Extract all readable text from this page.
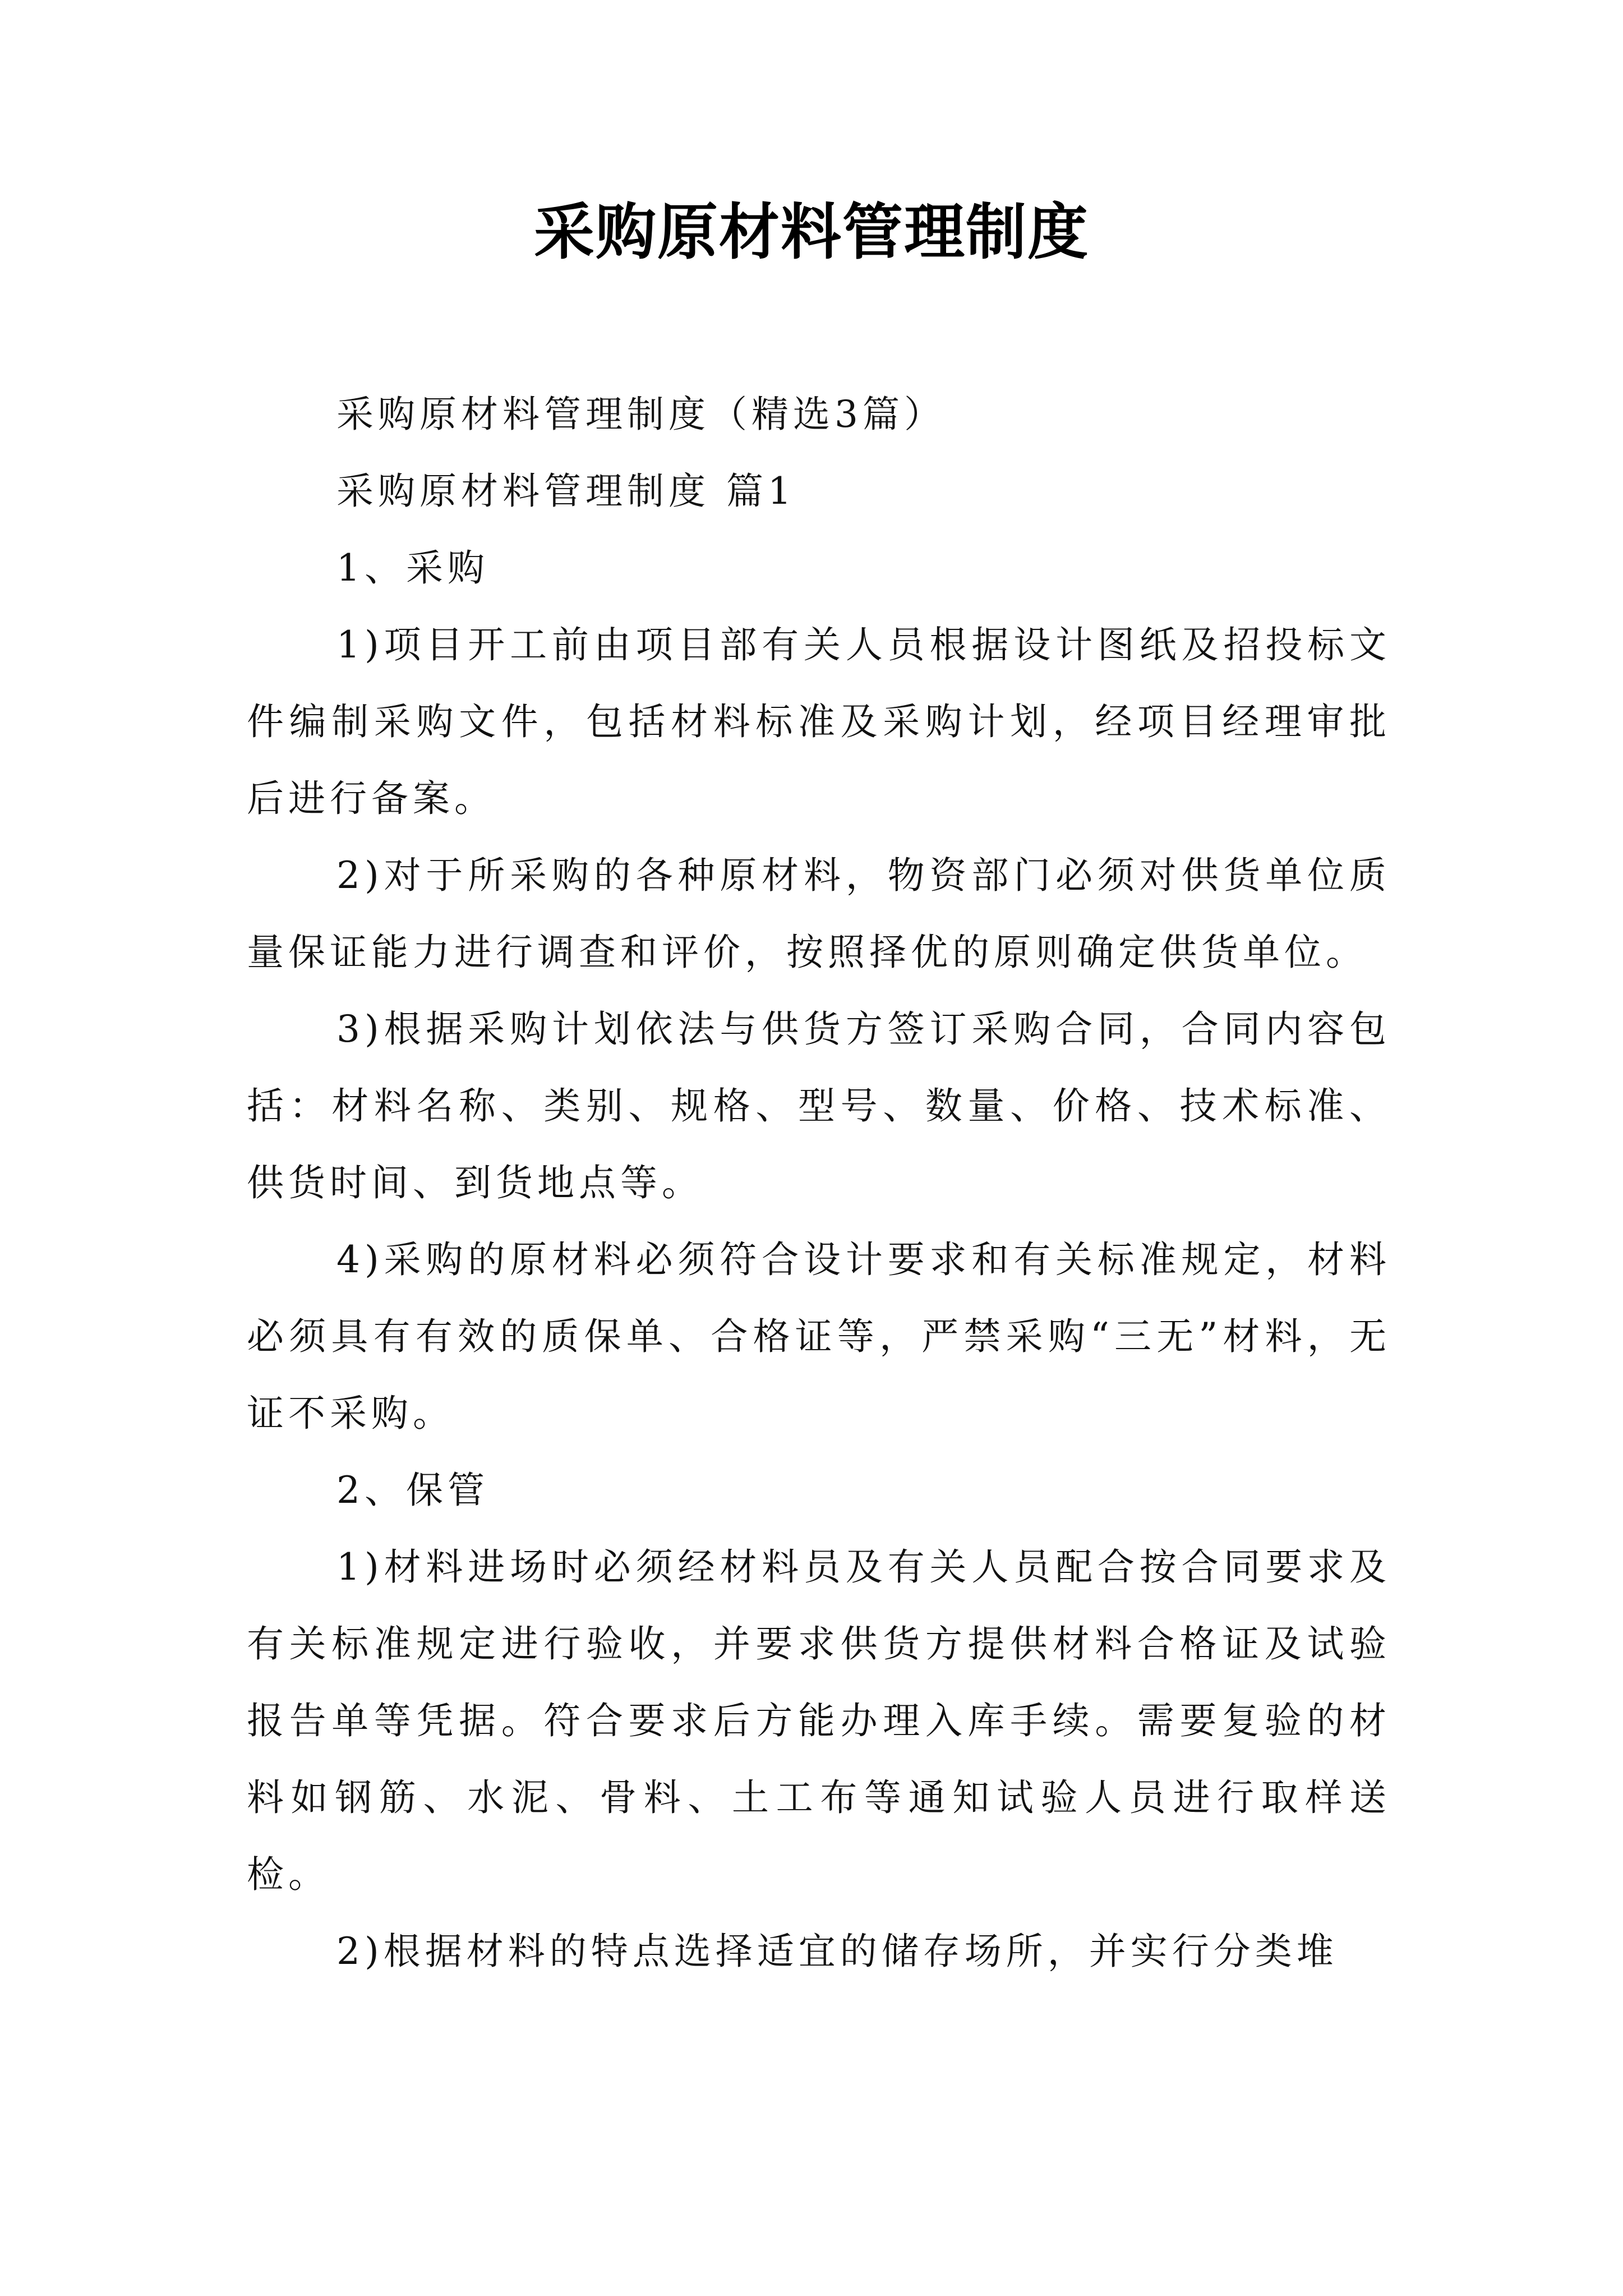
采购原材料管理制度

采购原材料管理制度（精选3篇）

采购原材料管理制度 篇1

1、采购

1)项目开工前由项目部有关人员根据设计图纸及招投标文件编制采购文件，包括材料标准及采购计划，经项目经理审批后进行备案。

2)对于所采购的各种原材料，物资部门必须对供货单位质量保证能力进行调查和评价，按照择优的原则确定供货单位。

3)根据采购计划依法与供货方签订采购合同，合同内容包括：材料名称、类别、规格、型号、数量、价格、技术标准、供货时间、到货地点等。

4)采购的原材料必须符合设计要求和有关标准规定，材料必须具有有效的质保单、合格证等，严禁采购“三无”材料，无证不采购。

2、保管

1)材料进场时必须经材料员及有关人员配合按合同要求及有关标准规定进行验收，并要求供货方提供材料合格证及试验报告单等凭据。符合要求后方能办理入库手续。需要复验的材料如钢筋、水泥、骨料、土工布等通知试验人员进行取样送检。

2)根据材料的特点选择适宜的储存场所，并实行分类堆
